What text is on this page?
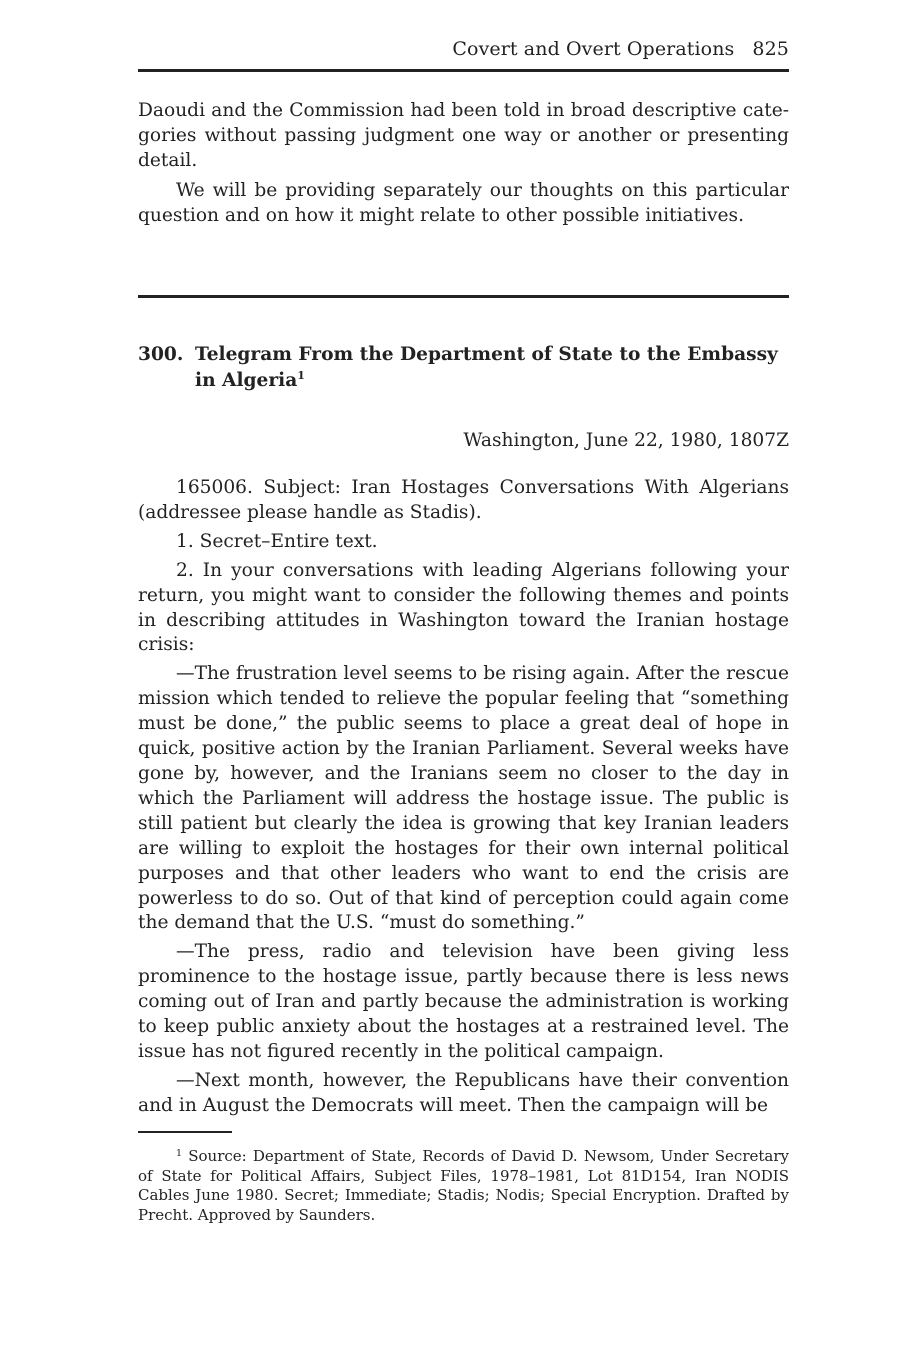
Covert and Overt Operations 825

Daoudi and the Commission had been told in broad descriptive categories without passing judgment one way or another or presenting detail.

We will be providing separately our thoughts on this particular question and on how it might relate to other possible initiatives.

300. Telegram From the Department of State to the Embassy in Algeria$^1$
Washington, June 22, 1980, 1807Z

165006. Subject: Iran Hostages Conversations With Algerians (addressee please handle as Stadis).

1. Secret–Entire text.

2. In your conversations with leading Algerians following your return, you might want to consider the following themes and points in describing attitudes in Washington toward the Iranian hostage crisis:

—The frustration level seems to be rising again. After the rescue mission which tended to relieve the popular feeling that “something must be done,” the public seems to place a great deal of hope in quick, positive action by the Iranian Parliament. Several weeks have gone by, however, and the Iranians seem no closer to the day in which the Parliament will address the hostage issue. The public is still patient but clearly the idea is growing that key Iranian leaders are willing to exploit the hostages for their own internal political purposes and that other leaders who want to end the crisis are powerless to do so. Out of that kind of perception could again come the demand that the U.S. “must do something.”

—The press, radio and television have been giving less prominence to the hostage issue, partly because there is less news coming out of Iran and partly because the administration is working to keep public anxiety about the hostages at a restrained level. The issue has not figured recently in the political campaign.

—Next month, however, the Republicans have their convention and in August the Democrats will meet. Then the campaign will be

$^1$ Source: Department of State, Records of David D. Newsom, Under Secretary of State for Political Affairs, Subject Files, 1978–1981, Lot 81D154, Iran NODIS Cables June 1980. Secret; Immediate; Stadis; Nodis; Special Encryption. Drafted by Precht. Approved by Saunders.
